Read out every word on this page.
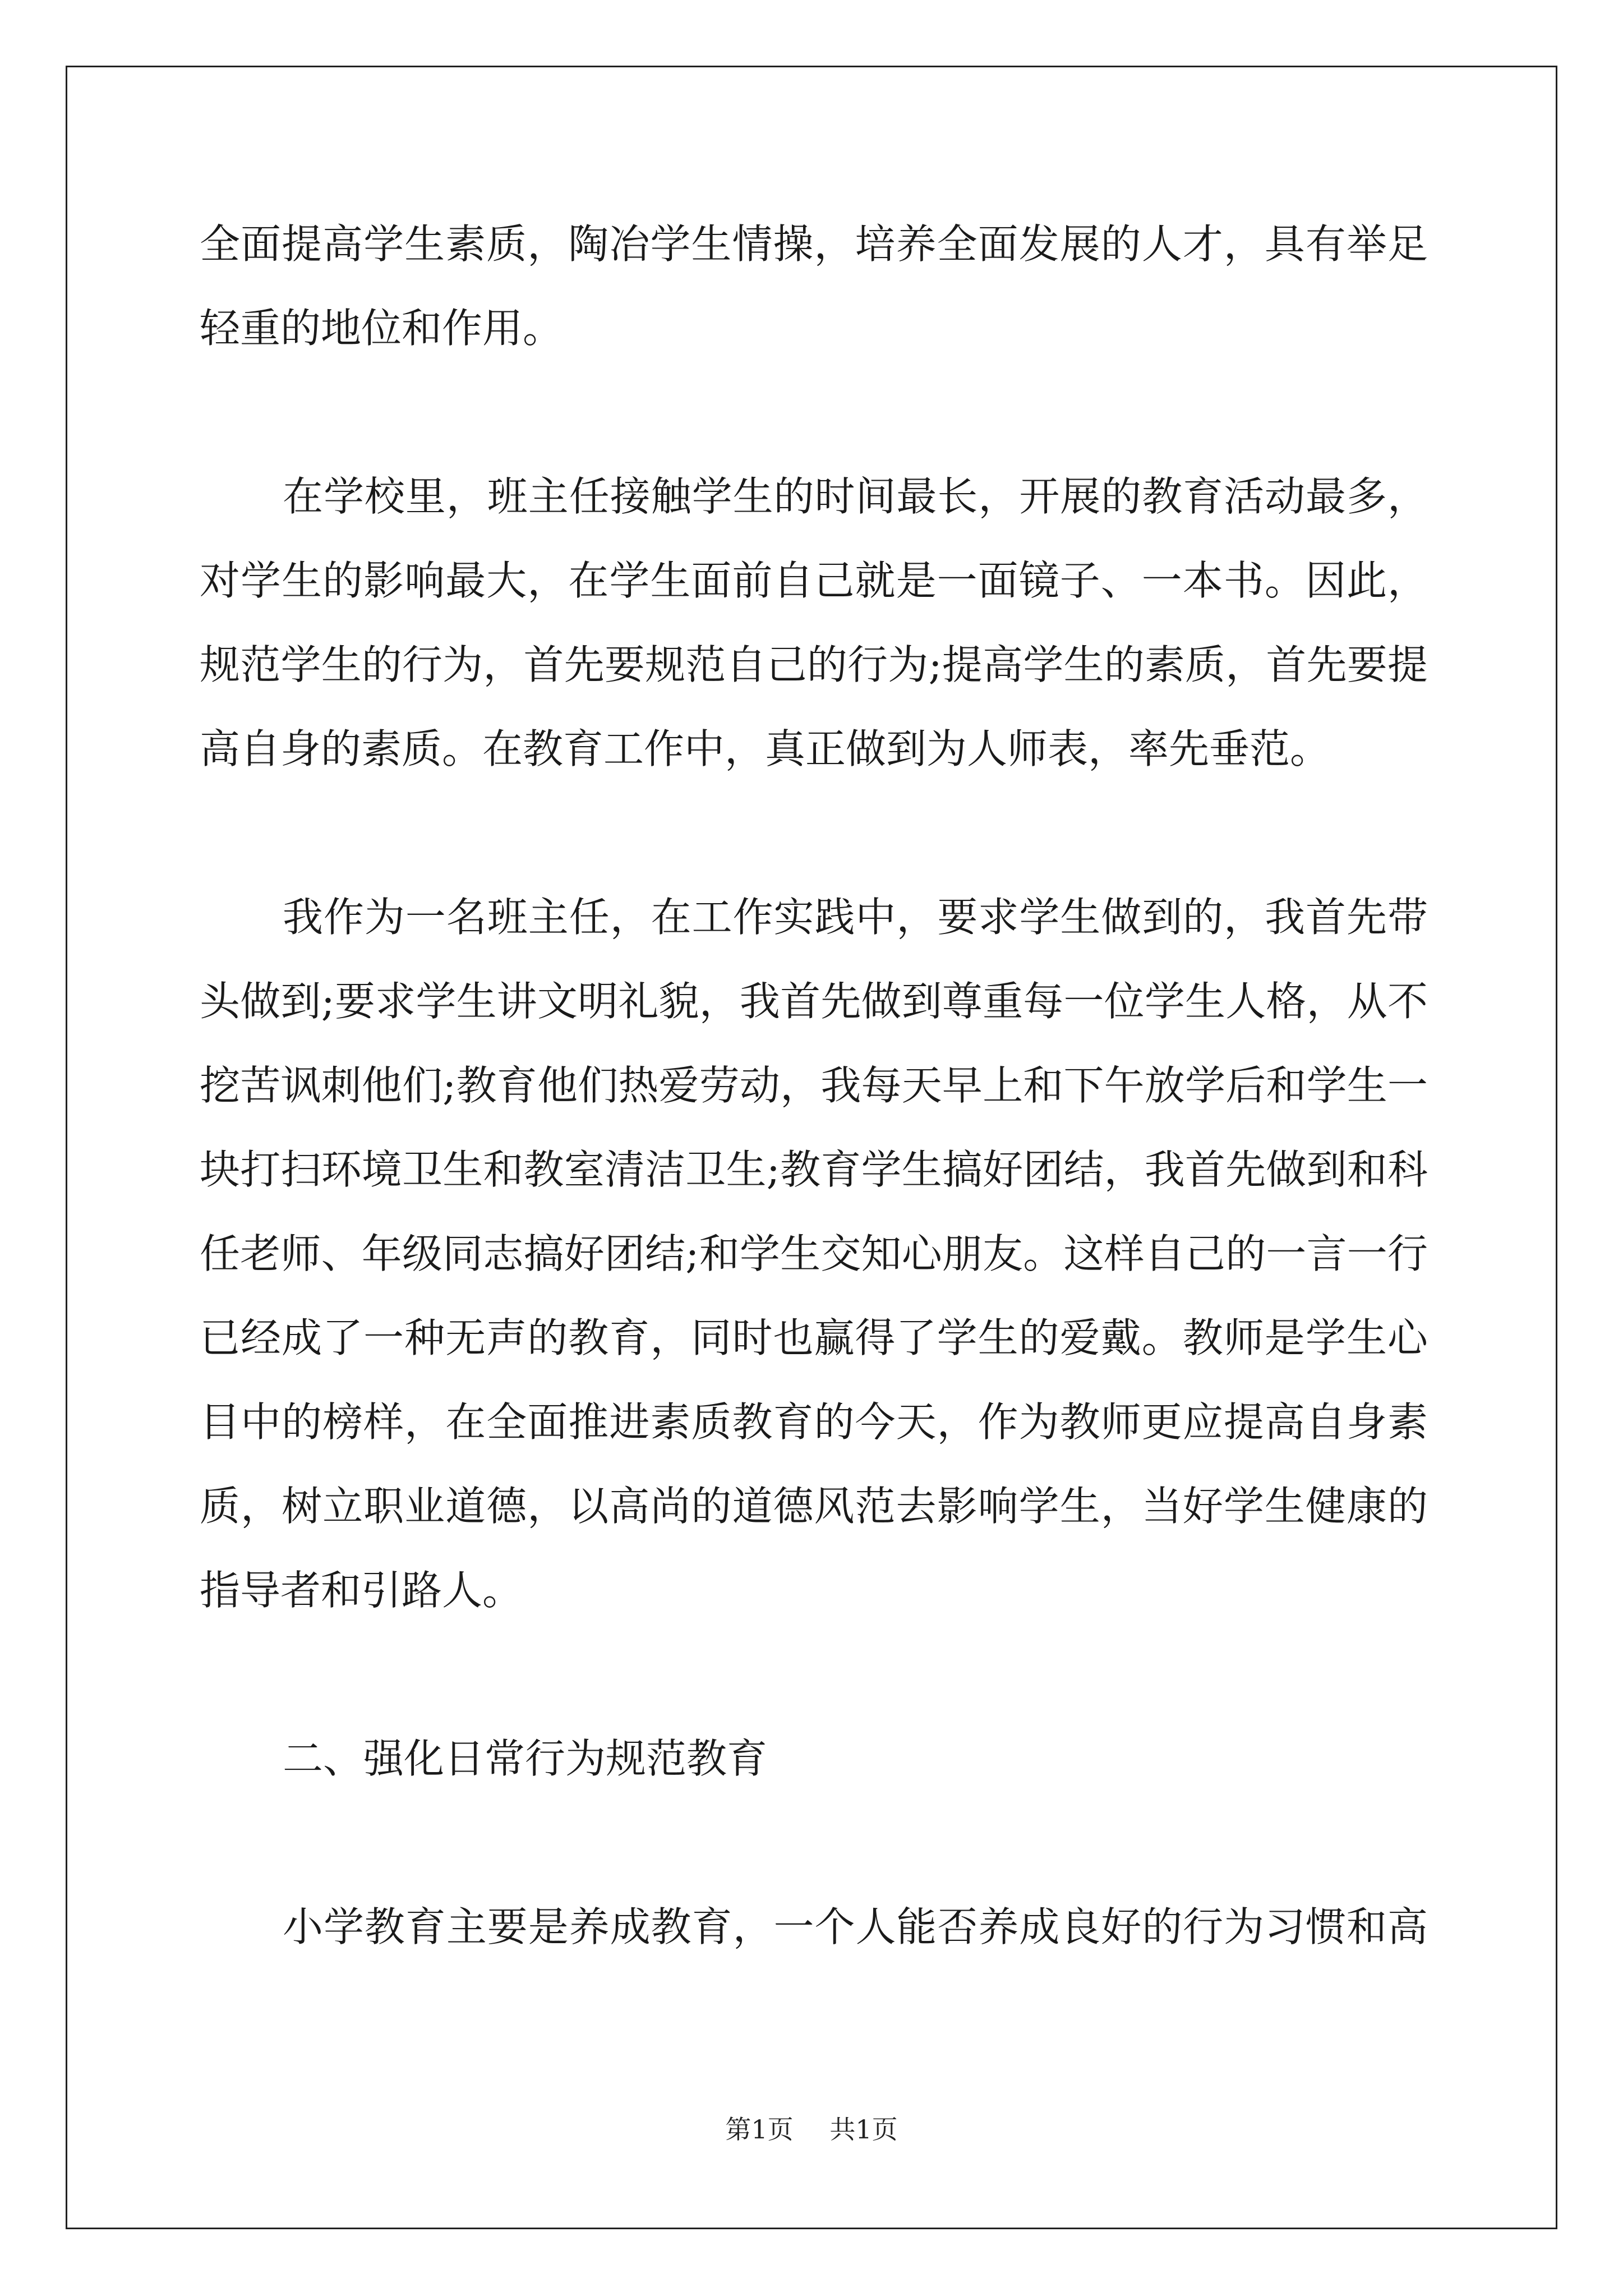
全面提高学生素质，陶冶学生情操，培养全面发展的人才，具有举足
轻重的地位和作用。
在学校里，班主任接触学生的时间最长，开展的教育活动最多，
对学生的影响最大，在学生面前自己就是一面镜子、一本书。因此，
规范学生的行为，首先要规范自己的行为;提高学生的素质，首先要提
高自身的素质。在教育工作中，真正做到为人师表，率先垂范。
我作为一名班主任，在工作实践中，要求学生做到的，我首先带
头做到;要求学生讲文明礼貌，我首先做到尊重每一位学生人格，从不
挖苦讽刺他们;教育他们热爱劳动，我每天早上和下午放学后和学生一
块打扫环境卫生和教室清洁卫生;教育学生搞好团结，我首先做到和科
任老师、年级同志搞好团结;和学生交知心朋友。这样自己的一言一行
已经成了一种无声的教育，同时也赢得了学生的爱戴。教师是学生心
目中的榜样，在全面推进素质教育的今天，作为教师更应提高自身素
质，树立职业道德，以高尚的道德风范去影响学生，当好学生健康的
指导者和引路人。
二、强化日常行为规范教育
小学教育主要是养成教育，一个人能否养成良好的行为习惯和高
第1页 共1页
